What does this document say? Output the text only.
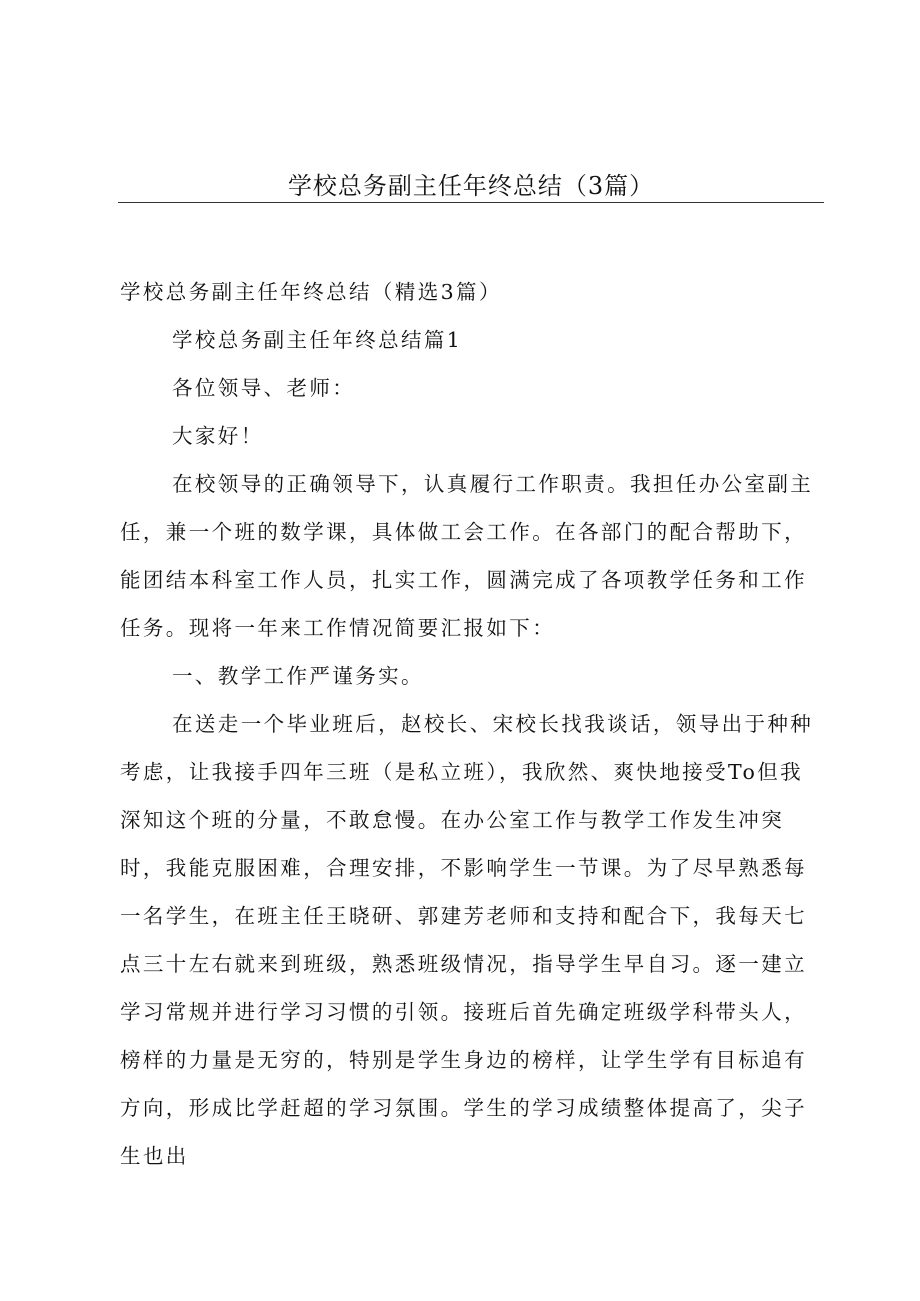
学校总务副主任年终总结（3篇）

学校总务副主任年终总结（精选3篇）

学校总务副主任年终总结篇1

各位领导、老师：

大家好！

在校领导的正确领导下，认真履行工作职责。我担任办公室副主任，兼一个班的数学课，具体做工会工作。在各部门的配合帮助下，能团结本科室工作人员，扎实工作，圆满完成了各项教学任务和工作任务。现将一年来工作情况简要汇报如下：

一、教学工作严谨务实。

在送走一个毕业班后，赵校长、宋校长找我谈话，领导出于种种考虑，让我接手四年三班（是私立班），我欣然、爽快地接受To但我深知这个班的分量，不敢怠慢。在办公室工作与教学工作发生冲突时，我能克服困难，合理安排，不影响学生一节课。为了尽早熟悉每一名学生，在班主任王晓研、郭建芳老师和支持和配合下，我每天七点三十左右就来到班级，熟悉班级情况，指导学生早自习。逐一建立学习常规并进行学习习惯的引领。接班后首先确定班级学科带头人，榜样的力量是无穷的，特别是学生身边的榜样，让学生学有目标追有方向，形成比学赶超的学习氛围。学生的学习成绩整体提高了，尖子生也出
